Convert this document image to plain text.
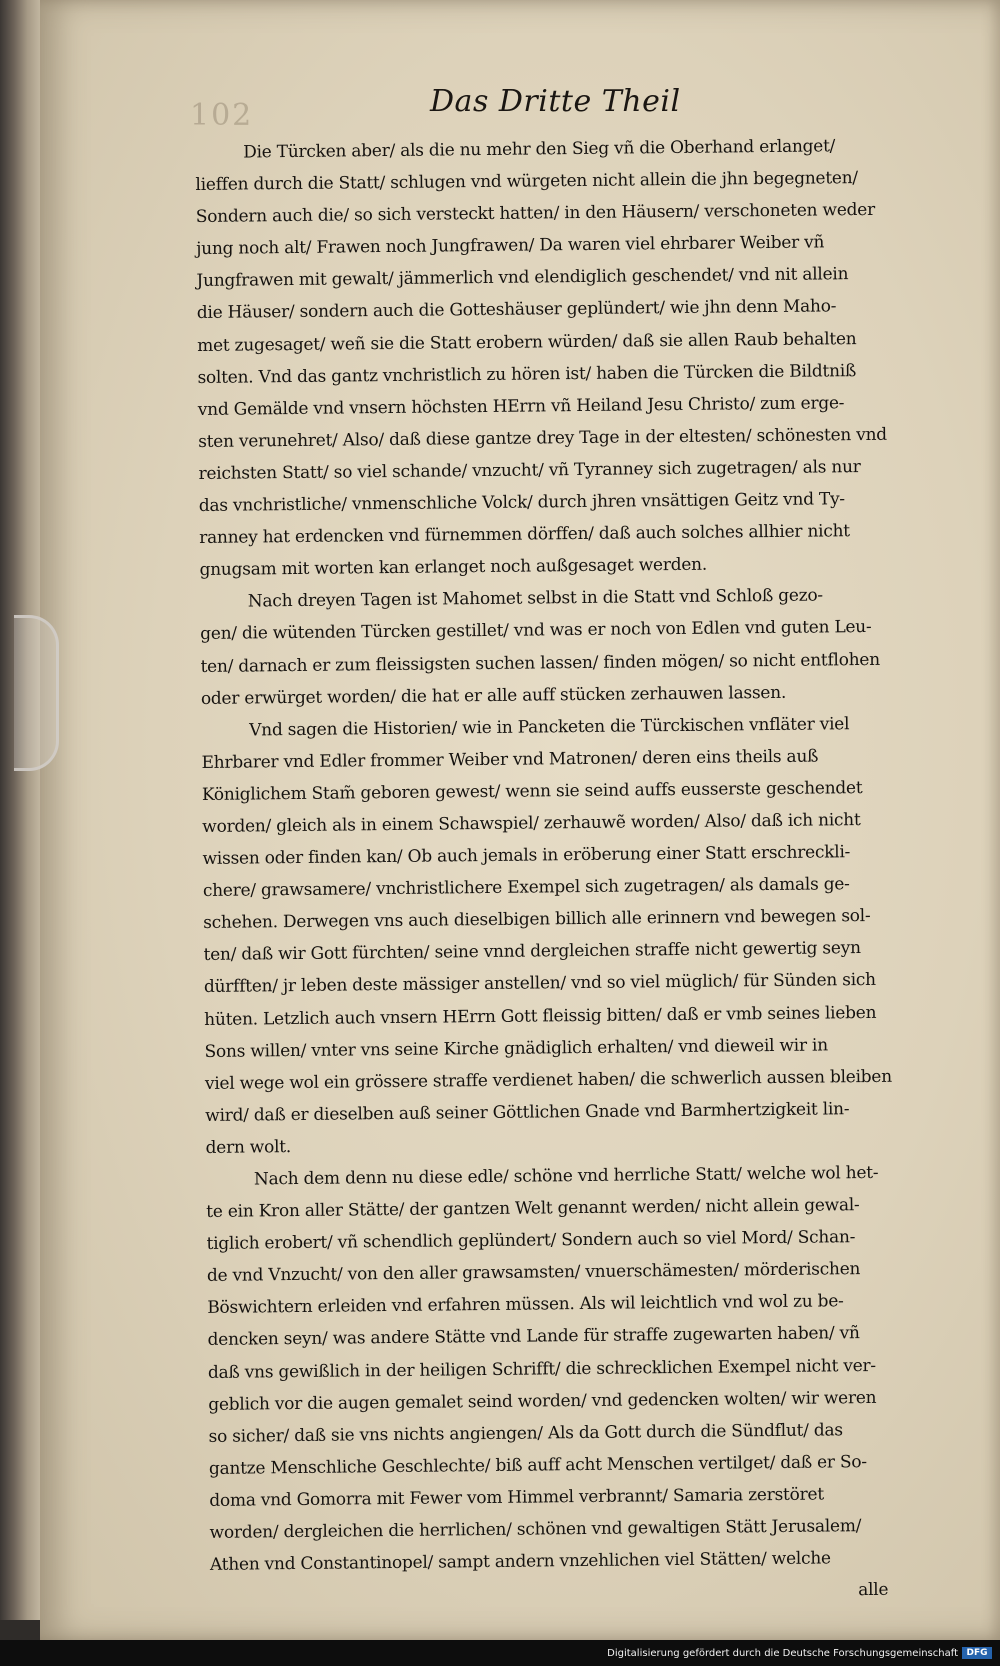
102	Das Dritte Theil
Die Türcken aber/ als die nu mehr den Sieg vñ die Oberhand erlanget/
lieffen durch die Statt/ schlugen vnd würgeten nicht allein die jhn begegneten/
Sondern auch die/ so sich versteckt hatten/ in den Häusern/ verschoneten weder
jung noch alt/ Frawen noch Jungfrawen/ Da waren viel ehrbarer Weiber vñ
Jungfrawen mit gewalt/ jämmerlich vnd elendiglich geschendet/ vnd nit allein
die Häuser/ sondern auch die Gotteshäuser geplündert/ wie jhn denn Maho-
met zugesaget/ weñ sie die Statt erobern würden/ daß sie allen Raub behalten
solten. Vnd das gantz vnchristlich zu hören ist/ haben die Türcken die Bildtniß
vnd Gemälde vnd vnsern höchsten HErrn vñ Heiland Jesu Christo/ zum erge-
sten verunehret/ Also/ daß diese gantze drey Tage in der eltesten/ schönesten vnd
reichsten Statt/ so viel schande/ vnzucht/ vñ Tyranney sich zugetragen/ als nur
das vnchristliche/ vnmenschliche Volck/ durch jhren vnsättigen Geitz vnd Ty-
ranney hat erdencken vnd fürnemmen dörffen/ daß auch solches allhier nicht
gnugsam mit worten kan erlanget noch außgesaget werden.
Nach dreyen Tagen ist Mahomet selbst in die Statt vnd Schloß gezo-
gen/ die wütenden Türcken gestillet/ vnd was er noch von Edlen vnd guten Leu-
ten/ darnach er zum fleissigsten suchen lassen/ finden mögen/ so nicht entflohen
oder erwürget worden/ die hat er alle auff stücken zerhauwen lassen.
Vnd sagen die Historien/ wie in Pancketen die Türckischen vnfläter viel
Ehrbarer vnd Edler frommer Weiber vnd Matronen/ deren eins theils auß
Königlichem Stam̃ geboren gewest/ wenn sie seind auffs eusserste geschendet
worden/ gleich als in einem Schawspiel/ zerhauwẽ worden/ Also/ daß ich nicht
wissen oder finden kan/ Ob auch jemals in eröberung einer Statt erschreckli-
chere/ grawsamere/ vnchristlichere Exempel sich zugetragen/ als damals ge-
schehen. Derwegen vns auch dieselbigen billich alle erinnern vnd bewegen sol-
ten/ daß wir Gott fürchten/ seine vnnd dergleichen straffe nicht gewertig seyn
dürfften/ jr leben deste mässiger anstellen/ vnd so viel müglich/ für Sünden sich
hüten. Letzlich auch vnsern HErrn Gott fleissig bitten/ daß er vmb seines lieben
Sons willen/ vnter vns seine Kirche gnädiglich erhalten/ vnd dieweil wir in
viel wege wol ein grössere straffe verdienet haben/ die schwerlich aussen bleiben
wird/ daß er dieselben auß seiner Göttlichen Gnade vnd Barmhertzigkeit lin-
dern wolt.
Nach dem denn nu diese edle/ schöne vnd herrliche Statt/ welche wol het-
te ein Kron aller Stätte/ der gantzen Welt genannt werden/ nicht allein gewal-
tiglich erobert/ vñ schendlich geplündert/ Sondern auch so viel Mord/ Schan-
de vnd Vnzucht/ von den aller grawsamsten/ vnuerschämesten/ mörderischen
Böswichtern erleiden vnd erfahren müssen. Als wil leichtlich vnd wol zu be-
dencken seyn/ was andere Stätte vnd Lande für straffe zugewarten haben/ vñ
daß vns gewißlich in der heiligen Schrifft/ die schrecklichen Exempel nicht ver-
geblich vor die augen gemalet seind worden/ vnd gedencken wolten/ wir weren
so sicher/ daß sie vns nichts angiengen/ Als da Gott durch die Sündflut/ das
gantze Menschliche Geschlechte/ biß auff acht Menschen vertilget/ daß er So-
doma vnd Gomorra mit Fewer vom Himmel verbrannt/ Samaria zerstöret
worden/ dergleichen die herrlichen/ schönen vnd gewaltigen Stätt Jerusalem/
Athen vnd Constantinopel/ sampt andern vnzehlichen viel Stätten/ welche
alle
Digitalisierung gefördert durch die Deutsche Forschungsgemeinschaft DFG
